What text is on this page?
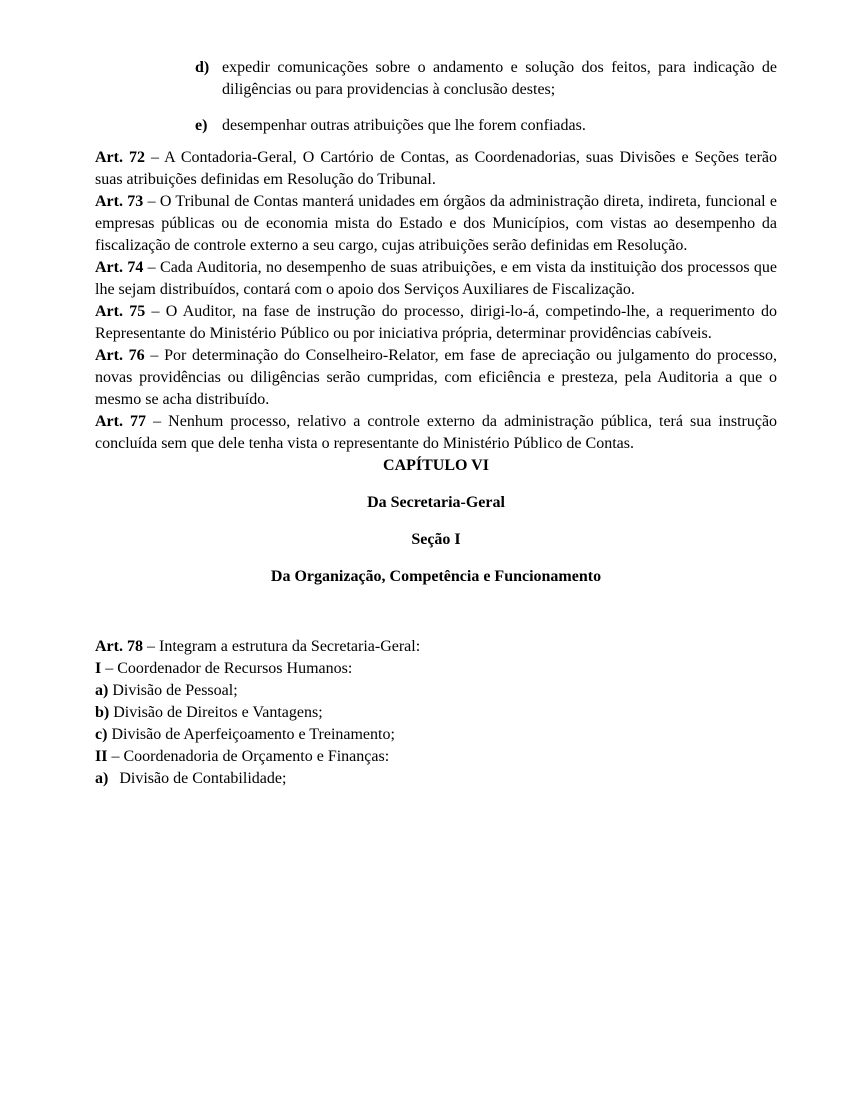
d) expedir comunicações sobre o andamento e solução dos feitos, para indicação de diligências ou para providencias à conclusão destes;
e) desempenhar outras atribuições que lhe forem confiadas.

Art. 72 – A Contadoria-Geral, O Cartório de Contas, as Coordenadorias, suas Divisões e Seções terão suas atribuições definidas em Resolução do Tribunal.

Art. 73 – O Tribunal de Contas manterá unidades em órgãos da administração direta, indireta, funcional e empresas públicas ou de economia mista do Estado e dos Municípios, com vistas ao desempenho da fiscalização de controle externo a seu cargo, cujas atribuições serão definidas em Resolução.

Art. 74 – Cada Auditoria, no desempenho de suas atribuições, e em vista da instituição dos processos que lhe sejam distribuídos, contará com o apoio dos Serviços Auxiliares de Fiscalização.

Art. 75 – O Auditor, na fase de instrução do processo, dirigi-lo-á, competindo-lhe, a requerimento do Representante do Ministério Público ou por iniciativa própria, determinar providências cabíveis.

Art. 76 – Por determinação do Conselheiro-Relator, em fase de apreciação ou julgamento do processo, novas providências ou diligências serão cumpridas, com eficiência e presteza, pela Auditoria a que o mesmo se acha distribuído.

Art. 77 – Nenhum processo, relativo a controle externo da administração pública, terá sua instrução concluída sem que dele tenha vista o representante do Ministério Público de Contas.

CAPÍTULO VI

Da Secretaria-Geral

Seção I

Da Organização, Competência e Funcionamento

Art. 78 – Integram a estrutura da Secretaria-Geral:

I – Coordenador de Recursos Humanos:

a) Divisão de Pessoal;

b) Divisão de Direitos e Vantagens;

c) Divisão de Aperfeiçoamento e Treinamento;

II – Coordenadoria de Orçamento e Finanças:

a) Divisão de Contabilidade;
